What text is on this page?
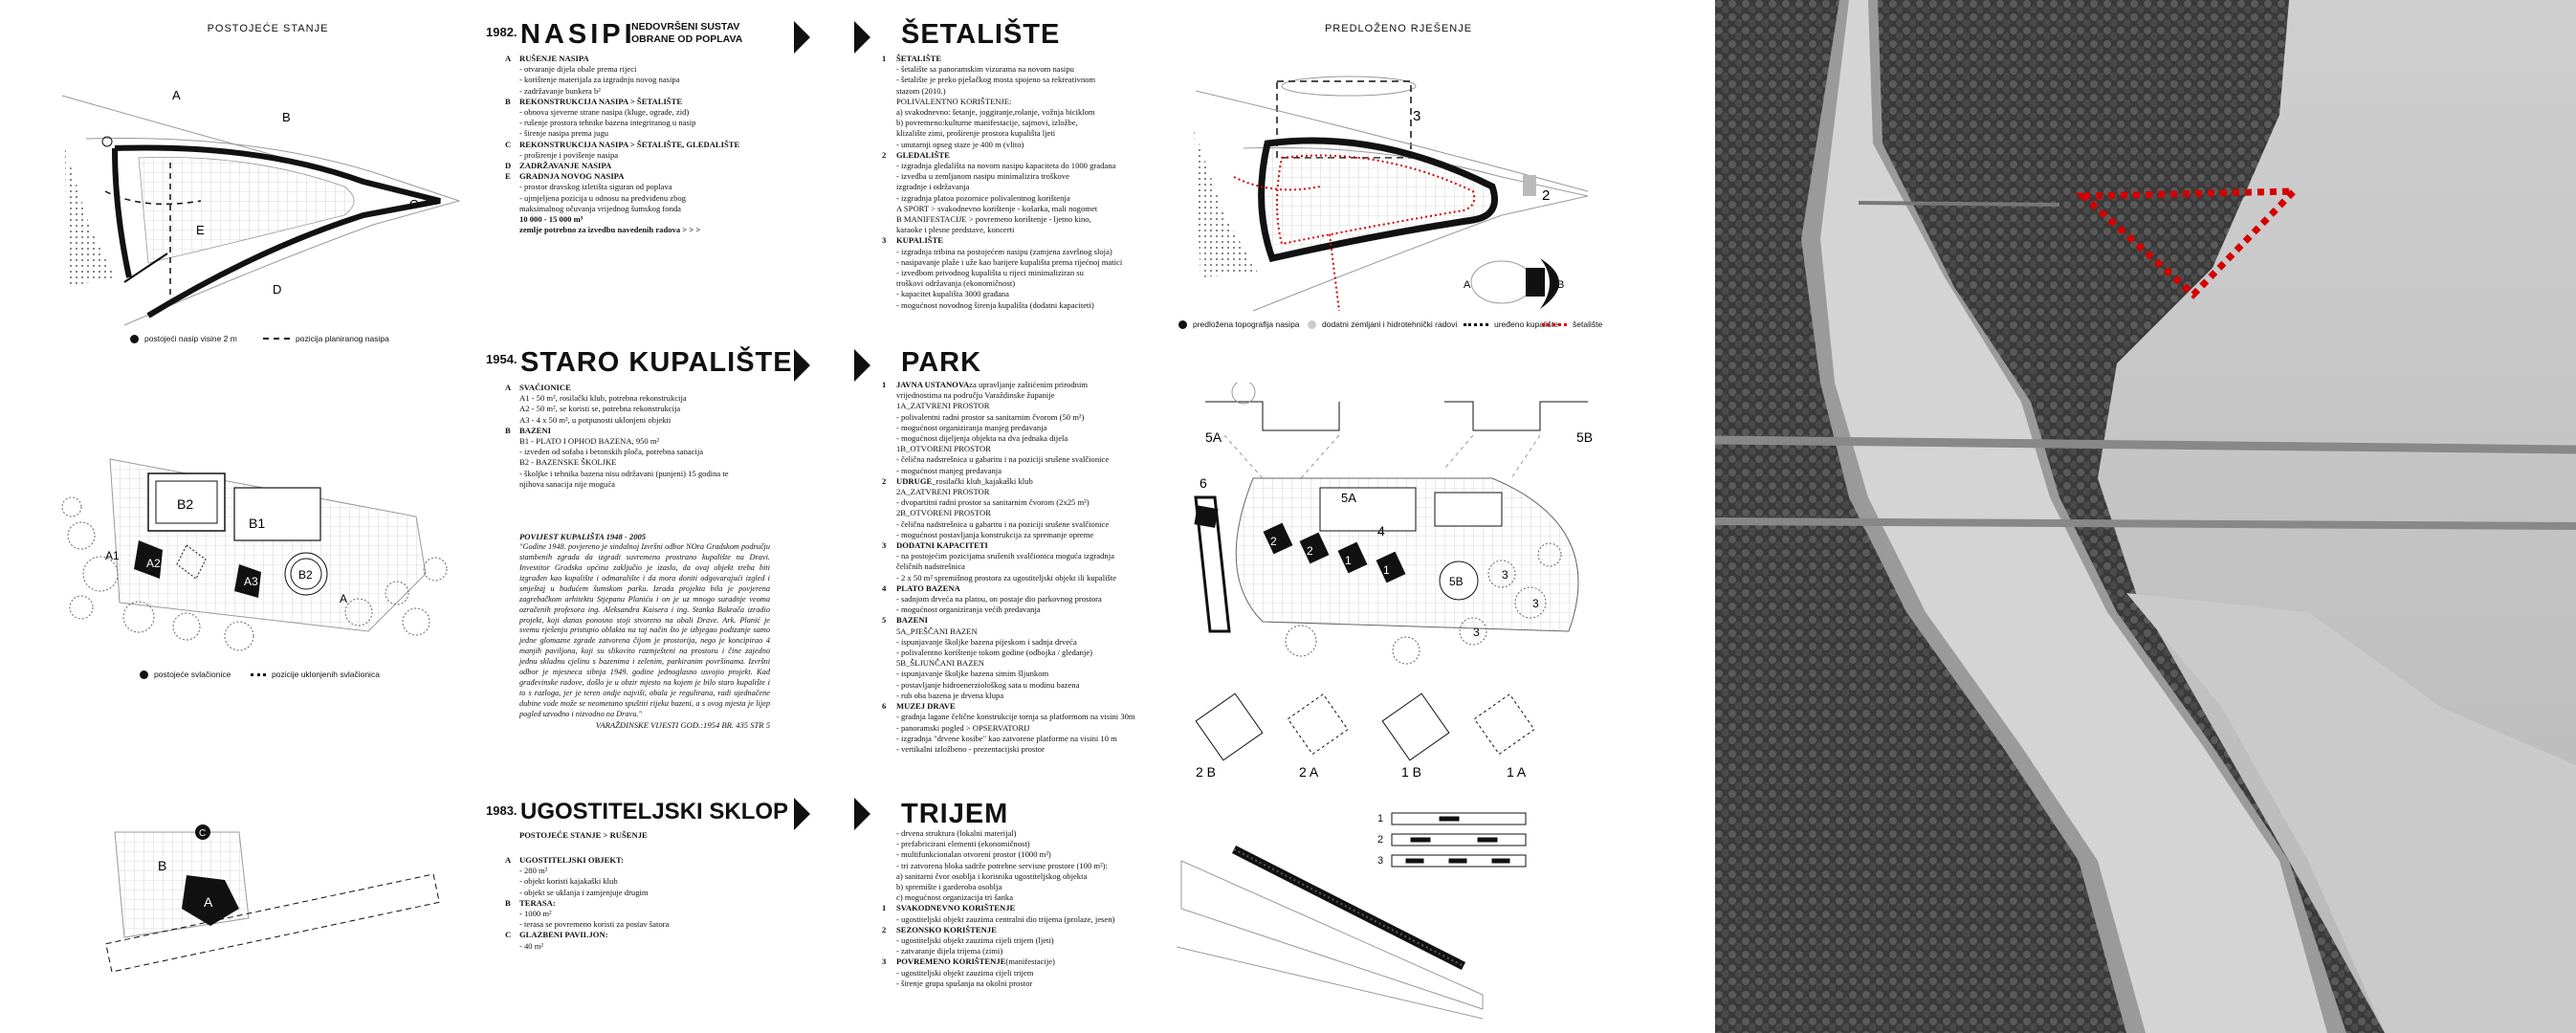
POSTOJEĆE STANJE	PREDLOŽENO RJEŠENJE
1982. NASIPI
NEDOVRŠENI SUSTAV
OBRANE OD POPLAVA
A	RUŠENJE NASIPA
- otvaranje dijela obale prema rijeci
- korištenje materijala za izgradnju novog nasipa
- zadržavanje bunkera b²
B	REKONSTRUKCIJA NASIPA > ŠETALIŠTE
- obnova sjeverne strane nasipa (kluge, ograde, zid)
- rušenje prostora tehnike bazena integriranog u nasip
- širenje nasipa prema jugu
C	REKONSTRUKCIJA NASIPA > ŠETALIŠTE, GLEDALIŠTE
- proširenje i povišenje nasipa
D	ZADRŽAVANJE NASIPA
E	GRADNJA NOVOG NASIPA
- prostor dravskog izletišta siguran od poplava
- ujmjeljena pozicija u odnosu na predviđenu zbog
maksimalnog očuvanja vrijednog šumskog fonda
10 000 - 15 000 m³
zemlje potrebno za izvedbu navedenih radova > > >
ŠETALIŠTE
1	ŠETALIŠTE
- šetalište sa panoramskim vizurama na novom nasipu
- šetalište je preko pješačkog mosta spojeno sa rekreativnom
stazom (2010.)
POLIVALENTNO KORIŠTENJE:
a) svakodnevno: šetanje, joggiranje,rolanje, vožnja biciklom
b) povremeno:kulturne manifestacije, sajmovi, izložbe,
klizalište zimi, proširenje prostora kupališta ljeti
- unutarnji opseg staze je 400 m (vlito)
2	GLEDALIŠTE
- izgradnja gledališta na novom nasipu kapaciteta do 1000 gradana
- izvedba u zemljanom nasipu minimalizira troškove
izgradnje i održavanja
- izgradnja platoa pozornice polivalentnog korištenja
A SPORT > svakodnevno korištenje - košarka, mali nogomet
B MANIFESTACIJE > povremeno korištenje - ljetno kino,
karaoke i plesne predstave, koncerti
3	KUPALIŠTE
- izgradnja tribina na postojećem nasipu (zamjena završnog sloja)
- nasipavanje plaže i uže kao barijere kupališta prema rijećnoj matici
- izvedbom privodnog kupališta u rijeci minimaliziran su
troškovi održavanja (ekonomičnost)
- kapacitet kupališta 3000 građana
- mogućnost novodnog širenja kupališta (dodatni kapaciteti)
1954. STARO KUPALIŠTE
A	SVAĆIONICE
A1 - 50 m², rosilački klub, potrebna rekonstrukcija
A2 - 50 m², se koristi se, potrebna rekonstrukcija
A3 - 4 x 50 m², u potpunosti uklonjeni objekti
B	BAZENI
B1 - PLATO I OPHOD BAZENA, 950 m²
- izveden od sofaba i betonskih ploča, potrebna sanacija
B2 - BAZENSKE ŠKOLJKE
- školjke i tehnika bazena nisu održavani (punjeni) 15 godina te
njihova sanacija nije moguća
POVIJEST KUPALIŠTA 1948 - 2005
"Godine 1948. povjereno je sindalnoj Izvršni odbor NOra Gradskom području stambenih zgrada da izgradi suvremeno prostrano kupalište na Dravi. Investitor Gradska općina zaključio je izaslo, da ovaj objekt treba biti izgrađen kao kupalište i odmaralište i da mora doniti odgovarajući izgled i smještaj u budućem šumskom parku. Izrada projekta bila je povjerena zagrebačkom arhitektu Stjepanu Planiću i on je uz mnogo suradnje veoma ozračenih profesora ing. Aleksandra Kaisera i ing. Stanka Bakračа izradio projekt, koji danas ponosno stoji stvoreno na obali Drave. Ark. Planić je svemu rješenju pristupio oblakta na taj način što je izbjegao podizanje samo jedne glomazne zgrade zatvorena čijom je prostorija, nego je koncipirao 4 manjih paviljona, koji su slikovito razmješteni na prostoru i čine zajedno jednu skladnu cjelinu s bazenima i zelenim, parkiranim površinama. Izvršni odbor je mjesneca sibnja 1949. godine jednoglasno usvojio projekt. Kad građevinske radove, došlo je u obzir mjesto na kojem je bilo staro kupalište i to s razloga, jer je teren ondje najviši, obala je regulirana, radi ujednačene dubine vode može se neometano spuštiti rijeka bazeni, a s ovog mjesta je lijep pogled uzvodno i nizvodno na Dravu."
VARAŽDINSKE VIJESTI GOD.:1954 BR. 435 STR 5
PARK
1	JAVNA USTANOVA za upravljanje zaštićenim prirodnim
vrijednostima na području Varaždinske županije
1A_ZATVRENI PROSTOR
- polivalentni radni prostor sa sanitarnim čvorom (50 m²)
- mogućnost organiziranja manjeg predavanja
- mogućnost dijeljenja objekta na dva jednaka dijela
1B_OTVORENI PROSTOR
- čelična nadstrešnica u gabaritu i na poziciji srušene svalčionice
- mogućnost manjeg predavanja
2	UDRUGE _rosilački klub_kajakaški klub
2A_ZATVRENI PROSTOR
- dvopartitni radni prostor sa sanitarnim čvorom (2x25 m²)
2B_OTVORENI PROSTOR
- čelična nadstrešnica u gabaritu i na poziciji srušene svalčionice
- mogućnost postavljanja konstrukcija za spremanje opreme
3	DODATNI KAPACITETI
- na postojećim pozicijama srušenih svalčionica moguća izgradnja
čeličnih nadstrešnica
- 2 x 50 m² spremišnog prostora za ugostiteljski objekt ili kupalište
4	PLATO BAZENA
- sadnjom drveća na platou, on postaje dio parkovnog prostora
- mogućnost organiziranja većih predavanja
5	BAZENI
5A_PJEŠČANI BAZEN
- ispunjavanje školjke bazena pijeskom i sadnja drveća
- polivalentno korištenje tokom godine (odbojka / gledanje)
5B_ŠLJUNČANI BAZEN
- ispunjavanje školjke bazena sitnim šljunkom
- postavljanje hidroenerziološkog sata u modinu bazena
- rub oba bazena je drvena klupa
6	MUZEJ DRAVE
- gradnja lagane čelične konstrukcije tornja sa platformom na visini 30m
- panoramski pogled > OPSERVATORIJ
- izgradnja "drvene kosibe" kao zatvorene platforme na visini 10 m
- vertikalni izložbeno - prezentacijski prostor
1983. UGOSTITELJSKI SKLOP
POSTOJEĆE STANJE > RUŠENJE
A	UGOSTITELJSKI OBJEKT:
- 280 m²
- objekt koristi kajakaški klub
- objekt se uklanja i zamjenjuje drugim
B	TERASA:
- 1000 m²
- terasa se povremeno koristi za postav šatora
C	GLAZBENI PAVILJON:
- 40 m²
TRIJEM
- drvena struktura (lokalni materijal)
- prefabricirani elementi (ekonomičnost)
- multifunkcionalan otvoreni prostor (1000 m²)
- tri zatvorena bloka sadrže potrebne servisne prostore (100 m²):
a) sanitarni čvor osoblja i korisnika ugostiteljskog objekta
b) spremište i garderoba osoblja
c) mogućnost organizacija tri šanka
1	SVAKODNEVNO KORIŠTENJE
- ugostiteljski objekt zauzima centralni dio trijema (prolaze, jesen)
2	SEZONSKO KORIŠTENJE
- ugostiteljski objekt zauzima cijeli trijem (ljeti)
- zatvaranje dijela trijema (zimi)
3	POVREMENO KORIŠTENJE (manifestacije)
- ugostiteljski objekt zauzima cijeli trijem
- širenje grupa spušanja na okolni prostor
A
B
C
D
E
postojeći nasip visine 2 m	pozicija planiranog nasipa
B2
B1
A2
A3
A1
B2
A
postojeće svlačionice	pozicije uklonjenih svlačionica
C
B
A
3
2
A	B
predložena topografija nasipa	dodatni zemljani i hidrotehnički radovi	uređeno kupalište šetalište
5A	5B
6
2
2
1
1
4
5A
5B	3
3
3
2 B	2 A	1 B	1 A
1
2
3
